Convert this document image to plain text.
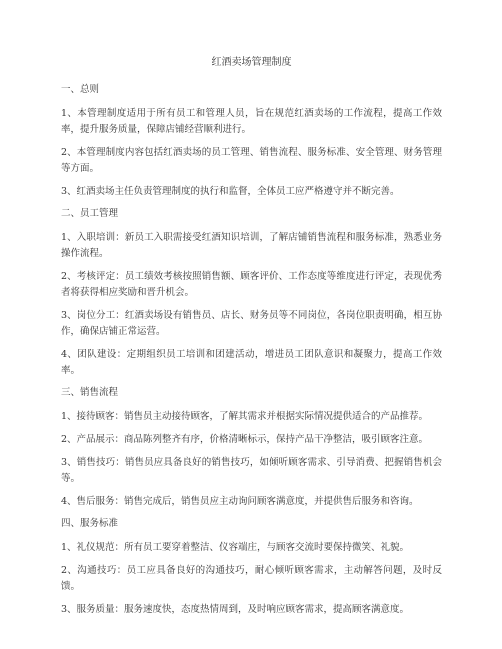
红酒卖场管理制度
一、总则
1、本管理制度适用于所有员工和管理人员，旨在规范红酒卖场的工作流程，提高工作效率，提升服务质量，保障店铺经营顺利进行。
2、本管理制度内容包括红酒卖场的员工管理、销售流程、服务标准、安全管理、财务管理等方面。
3、红酒卖场主任负责管理制度的执行和监督，全体员工应严格遵守并不断完善。
二、员工管理
1、入职培训：新员工入职需接受红酒知识培训，了解店铺销售流程和服务标准，熟悉业务操作流程。
2、考核评定：员工绩效考核按照销售额、顾客评价、工作态度等维度进行评定，表现优秀者将获得相应奖励和晋升机会。
3、岗位分工：红酒卖场设有销售员、店长、财务员等不同岗位，各岗位职责明确，相互协作，确保店铺正常运营。
4、团队建设：定期组织员工培训和团建活动，增进员工团队意识和凝聚力，提高工作效率。
三、销售流程
1、接待顾客：销售员主动接待顾客，了解其需求并根据实际情况提供适合的产品推荐。
2、产品展示：商品陈列整齐有序，价格清晰标示，保持产品干净整洁，吸引顾客注意。
3、销售技巧：销售员应具备良好的销售技巧，如倾听顾客需求、引导消费、把握销售机会等。
4、售后服务：销售完成后，销售员应主动询问顾客满意度，并提供售后服务和咨询。
四、服务标准
1、礼仪规范：所有员工要穿着整洁、仪容端庄，与顾客交流时要保持微笑、礼貌。
2、沟通技巧：员工应具备良好的沟通技巧，耐心倾听顾客需求，主动解答问题，及时反馈。
3、服务质量：服务速度快，态度热情周到，及时响应顾客需求，提高顾客满意度。
